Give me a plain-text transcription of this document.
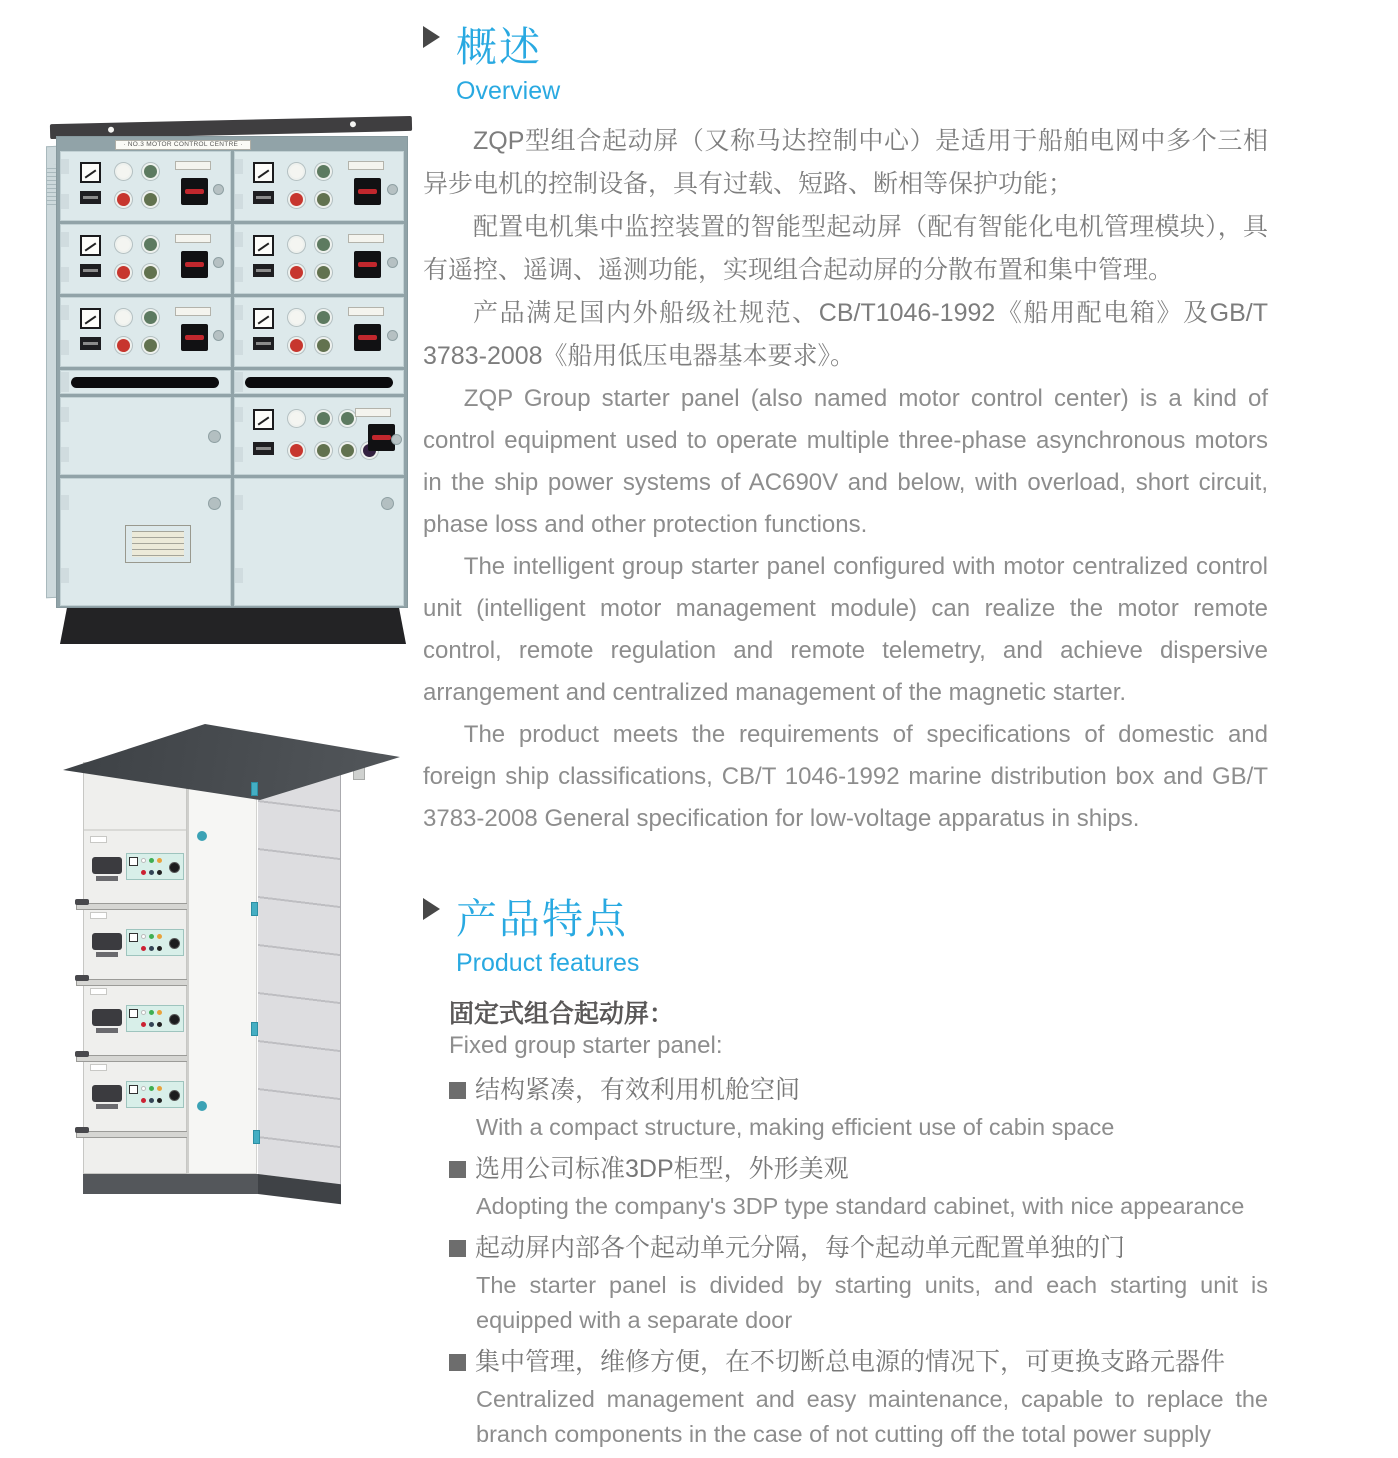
· NO.3 MOTOR CONTROL CENTRE ·
概述
Overview

ZQP型组合起动屏（又称马达控制中心）是适用于船舶电网中多个三相异步电机的控制设备，具有过载、短路、断相等保护功能；

配置电机集中监控装置的智能型起动屏（配有智能化电机管理模块），具有遥控、遥调、遥测功能，实现组合起动屏的分散布置和集中管理。

产品满足国内外船级社规范、CB/T1046-1992《船用配电箱》及GB/T 3783-2008《船用低压电器基本要求》。

ZQP Group starter panel (also named motor control center) is a kind of control equipment used to operate multiple three-phase asynchronous motors in the ship power systems of AC690V and below, with overload, short circuit, phase loss and other protection functions.

The intelligent group starter panel configured with motor centralized control unit (intelligent motor management module) can realize the motor remote control, remote regulation and remote telemetry, and achieve dispersive arrangement and centralized management of the magnetic starter.

The product meets the requirements of specifications of domestic and foreign ship classifications, CB/T 1046-1992 marine distribution box and GB/T 3783-2008 General specification for low-voltage apparatus in ships.

产品特点
Product features
固定式组合起动屏：
Fixed group starter panel:
结构紧凑，有效利用机舱空间

With a compact structure, making efficient use of cabin space

选用公司标准3DP柜型，外形美观

Adopting the company's 3DP type standard cabinet, with nice appearance

起动屏内部各个起动单元分隔，每个起动单元配置单独的门

The starter panel is divided by starting units, and each starting unit is equipped with a separate door

集中管理，维修方便，在不切断总电源的情况下，可更换支路元器件

Centralized management and easy maintenance, capable to replace the branch components in the case of not cutting off the total power supply
